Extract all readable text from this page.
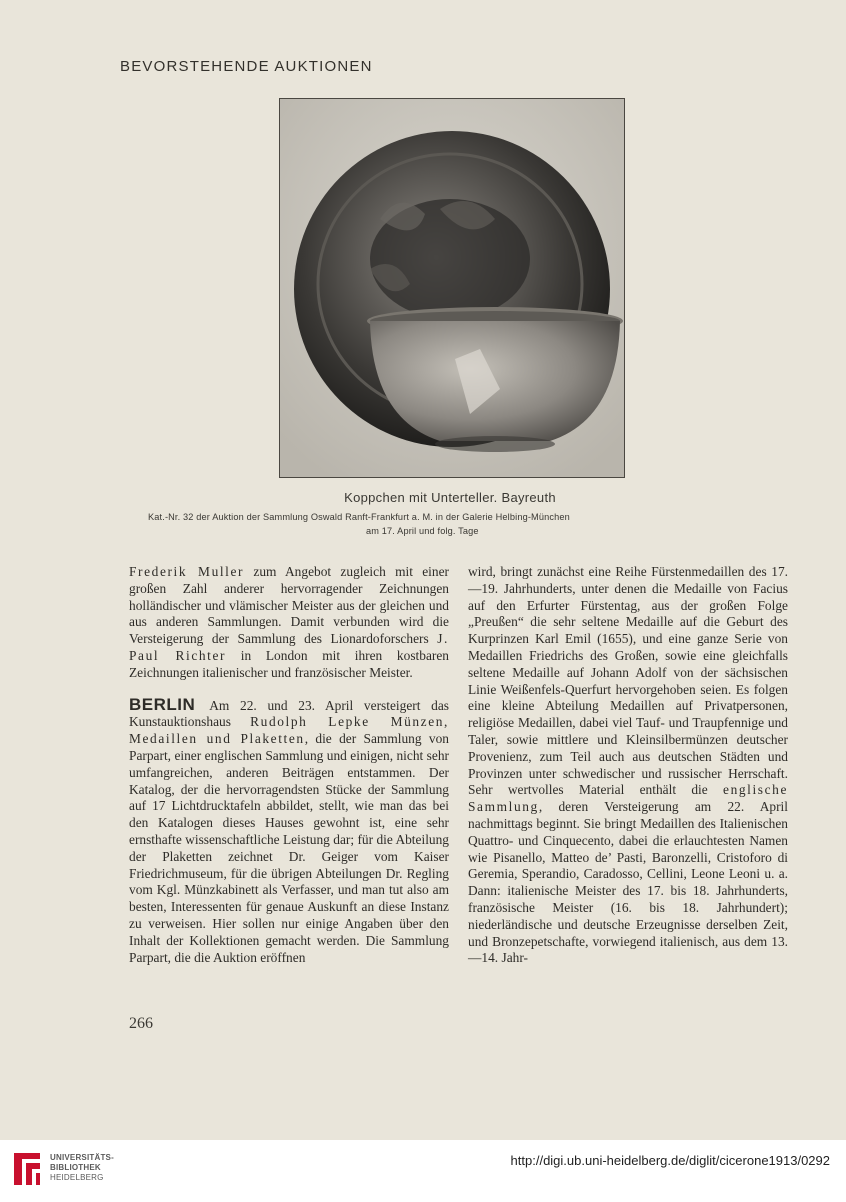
BEVORSTEHENDE AUKTIONEN
Koppchen mit Unterteller. Bayreuth
Kat.-Nr. 32 der Auktion der Sammlung Oswald Ranft-Frankfurt a. M. in der Galerie Helbing-München
am 17. April und folg. Tage

Frederik Muller zum Angebot zugleich mit einer großen Zahl anderer hervorragender Zeichnungen holländischer und vlämischer Meister aus der gleichen und aus anderen Sammlungen. Damit verbunden wird die Versteigerung der Sammlung des Lionardoforschers J. Paul Richter in London mit ihren kostbaren Zeichnungen italienischer und französischer Meister.

BERLIN Am 22. und 23. April versteigert das Kunstauktionshaus Rudolph Lepke Münzen, Medaillen und Plaketten, die der Sammlung von Parpart, einer englischen Sammlung und einigen, nicht sehr umfangreichen, anderen Beiträgen entstammen. Der Katalog, der die hervorragendsten Stücke der Sammlung auf 17 Lichtdrucktafeln abbildet, stellt, wie man das bei den Katalogen dieses Hauses gewohnt ist, eine sehr ernsthafte wissenschaftliche Leistung dar; für die Abteilung der Plaketten zeichnet Dr. Geiger vom Kaiser Friedrichmuseum, für die übrigen Abteilungen Dr. Regling vom Kgl. Münzkabinett als Verfasser, und man tut also am besten, Interessenten für genaue Auskunft an diese Instanz zu verweisen. Hier sollen nur einige Angaben über den Inhalt der Kollektionen gemacht werden. Die Sammlung Parpart, die die Auktion eröffnen

wird, bringt zunächst eine Reihe Fürstenmedaillen des 17.—19. Jahrhunderts, unter denen die Medaille von Facius auf den Erfurter Fürstentag, aus der großen Folge „Preußen“ die sehr seltene Medaille auf die Geburt des Kurprinzen Karl Emil (1655), und eine ganze Serie von Medaillen Friedrichs des Großen, sowie eine gleichfalls seltene Medaille auf Johann Adolf von der sächsischen Linie Weißenfels-Querfurt hervorgehoben seien. Es folgen eine kleine Abteilung Medaillen auf Privatpersonen, religiöse Medaillen, dabei viel Tauf- und Traupfennige und Taler, sowie mittlere und Kleinsilbermünzen deutscher Provenienz, zum Teil auch aus deutschen Städten und Provinzen unter schwedischer und russischer Herrschaft. Sehr wertvolles Material enthält die englische Sammlung, deren Versteigerung am 22. April nachmittags beginnt. Sie bringt Medaillen des Italienischen Quattro- und Cinquecento, dabei die erlauchtesten Namen wie Pisanello, Matteo de’ Pasti, Baronzelli, Cristoforo di Geremia, Sperandio, Caradosso, Cellini, Leone Leoni u. a. Dann: italienische Meister des 17. bis 18. Jahrhunderts, französische Meister (16. bis 18. Jahrhundert); niederländische und deutsche Erzeugnisse derselben Zeit, und Bronzepetschafte, vorwiegend italienisch, aus dem 13.—14. Jahr-

266
UNIVERSITÄTS-
BIBLIOTHEK
HEIDELBERG
http://digi.ub.uni-heidelberg.de/diglit/cicerone1913/0292
